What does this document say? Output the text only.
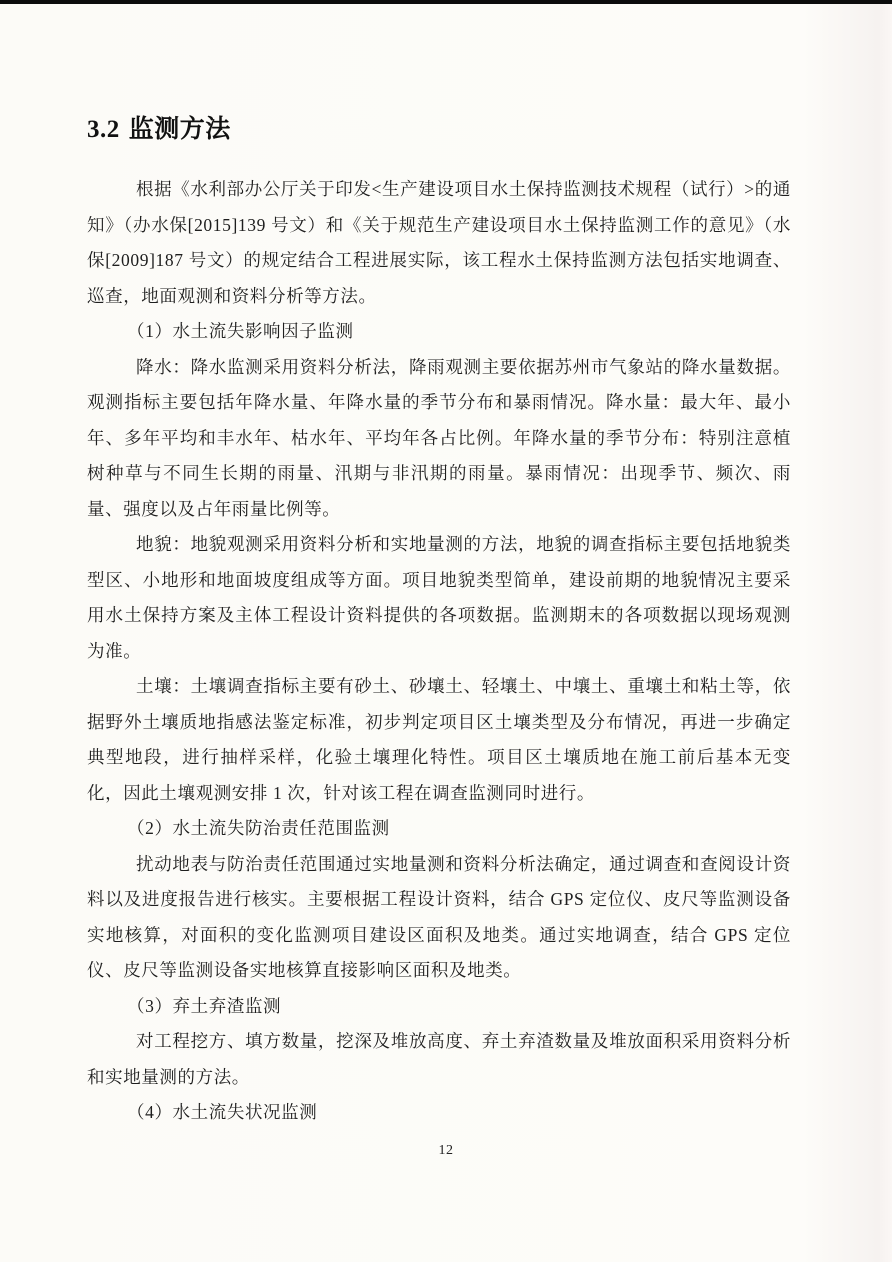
3.2 监测方法

根据《水利部办公厅关于印发<生产建设项目水土保持监测技术规程（试行）>的通知》（办水保[2015]139 号文）和《关于规范生产建设项目水土保持监测工作的意见》（水保[2009]187 号文）的规定结合工程进展实际，该工程水土保持监测方法包括实地调查、巡查，地面观测和资料分析等方法。

（1）水土流失影响因子监测

降水：降水监测采用资料分析法，降雨观测主要依据苏州市气象站的降水量数据。观测指标主要包括年降水量、年降水量的季节分布和暴雨情况。降水量：最大年、最小年、多年平均和丰水年、枯水年、平均年各占比例。年降水量的季节分布：特别注意植树种草与不同生长期的雨量、汛期与非汛期的雨量。暴雨情况：出现季节、频次、雨量、强度以及占年雨量比例等。

地貌：地貌观测采用资料分析和实地量测的方法，地貌的调查指标主要包括地貌类型区、小地形和地面坡度组成等方面。项目地貌类型简单，建设前期的地貌情况主要采用水土保持方案及主体工程设计资料提供的各项数据。监测期末的各项数据以现场观测为准。

土壤：土壤调查指标主要有砂土、砂壤土、轻壤土、中壤土、重壤土和粘土等，依据野外土壤质地指感法鉴定标准，初步判定项目区土壤类型及分布情况，再进一步确定典型地段，进行抽样采样，化验土壤理化特性。项目区土壤质地在施工前后基本无变化，因此土壤观测安排 1 次，针对该工程在调查监测同时进行。

（2）水土流失防治责任范围监测

扰动地表与防治责任范围通过实地量测和资料分析法确定，通过调查和查阅设计资料以及进度报告进行核实。主要根据工程设计资料，结合 GPS 定位仪、皮尺等监测设备实地核算，对面积的变化监测项目建设区面积及地类。通过实地调查，结合 GPS 定位仪、皮尺等监测设备实地核算直接影响区面积及地类。

（3）弃土弃渣监测

对工程挖方、填方数量，挖深及堆放高度、弃土弃渣数量及堆放面积采用资料分析和实地量测的方法。

（4）水土流失状况监测

12
